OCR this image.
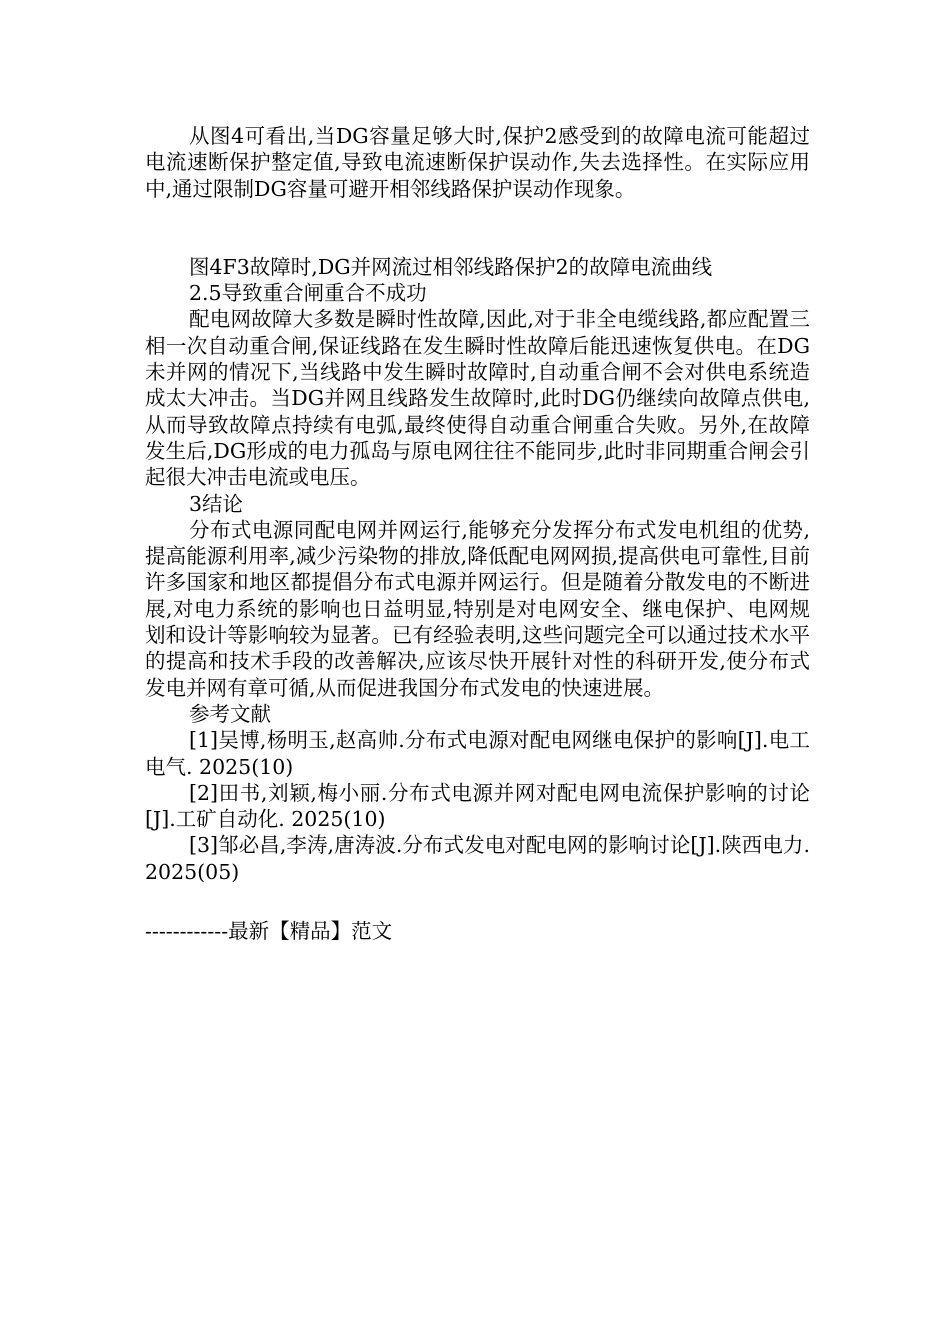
从图4可看出,当DG容量足够大时,保护2感受到的故障电流可能超过电流速断保护整定值,导致电流速断保护误动作,失去选择性。在实际应用中,通过限制DG容量可避开相邻线路保护误动作现象。

图4F3故障时,DG并网流过相邻线路保护2的故障电流曲线

2.5导致重合闸重合不成功

配电网故障大多数是瞬时性故障,因此,对于非全电缆线路,都应配置三相一次自动重合闸,保证线路在发生瞬时性故障后能迅速恢复供电。在DG未并网的情况下,当线路中发生瞬时故障时,自动重合闸不会对供电系统造成太大冲击。当DG并网且线路发生故障时,此时DG仍继续向故障点供电,从而导致故障点持续有电弧,最终使得自动重合闸重合失败。另外,在故障发生后,DG形成的电力孤岛与原电网往往不能同步,此时非同期重合闸会引起很大冲击电流或电压。

3结论

分布式电源同配电网并网运行,能够充分发挥分布式发电机组的优势,提高能源利用率,减少污染物的排放,降低配电网网损,提高供电可靠性,目前许多国家和地区都提倡分布式电源并网运行。但是随着分散发电的不断进展,对电力系统的影响也日益明显,特别是对电网安全、继电保护、电网规划和设计等影响较为显著。已有经验表明,这些问题完全可以通过技术水平的提高和技术手段的改善解决,应该尽快开展针对性的科研开发,使分布式发电并网有章可循,从而促进我国分布式发电的快速进展。

参考文献

[1]吴博,杨明玉,赵高帅.分布式电源对配电网继电保护的影响[J].电工电气. 2025(10)

[2]田书,刘颖,梅小丽.分布式电源并网对配电网电流保护影响的讨论[J].工矿自动化. 2025(10)

[3]邹必昌,李涛,唐涛波.分布式发电对配电网的影响讨论[J].陕西电力.2025(05)

------------最新【精品】范文
